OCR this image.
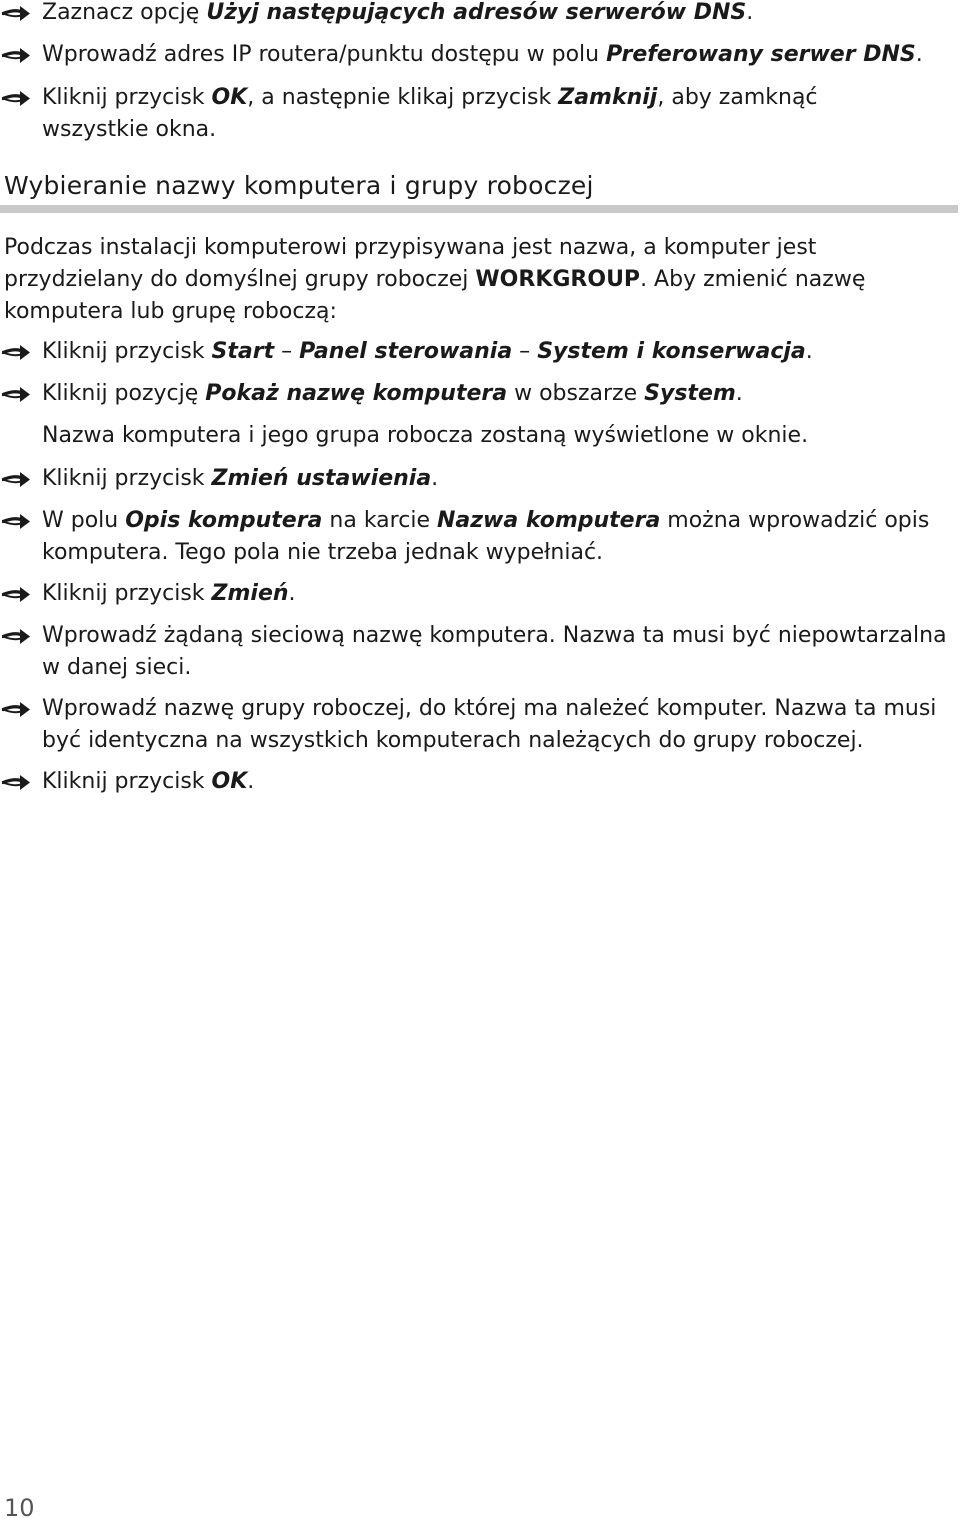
Zaznacz opcję Użyj następujących adresów serwerów DNS.
Wprowadź adres IP routera/punktu dostępu w polu Preferowany serwer DNS.
Kliknij przycisk OK, a następnie klikaj przycisk Zamknij, aby zamknąć wszystkie okna.
Wybieranie nazwy komputera i grupy roboczej
Podczas instalacji komputerowi przypisywana jest nazwa, a komputer jest przydzielany do domyślnej grupy roboczej WORKGROUP. Aby zmienić nazwę komputera lub grupę roboczą:
Kliknij przycisk Start – Panel sterowania – System i konserwacja.
Kliknij pozycję Pokaż nazwę komputera w obszarze System.
Nazwa komputera i jego grupa robocza zostaną wyświetlone w oknie.
Kliknij przycisk Zmień ustawienia.
W polu Opis komputera na karcie Nazwa komputera można wprowadzić opis komputera. Tego pola nie trzeba jednak wypełniać.
Kliknij przycisk Zmień.
Wprowadź żądaną sieciową nazwę komputera. Nazwa ta musi być niepowtarzalna w danej sieci.
Wprowadź nazwę grupy roboczej, do której ma należeć komputer. Nazwa ta musi być identyczna na wszystkich komputerach należących do grupy roboczej.
Kliknij przycisk OK.
10
